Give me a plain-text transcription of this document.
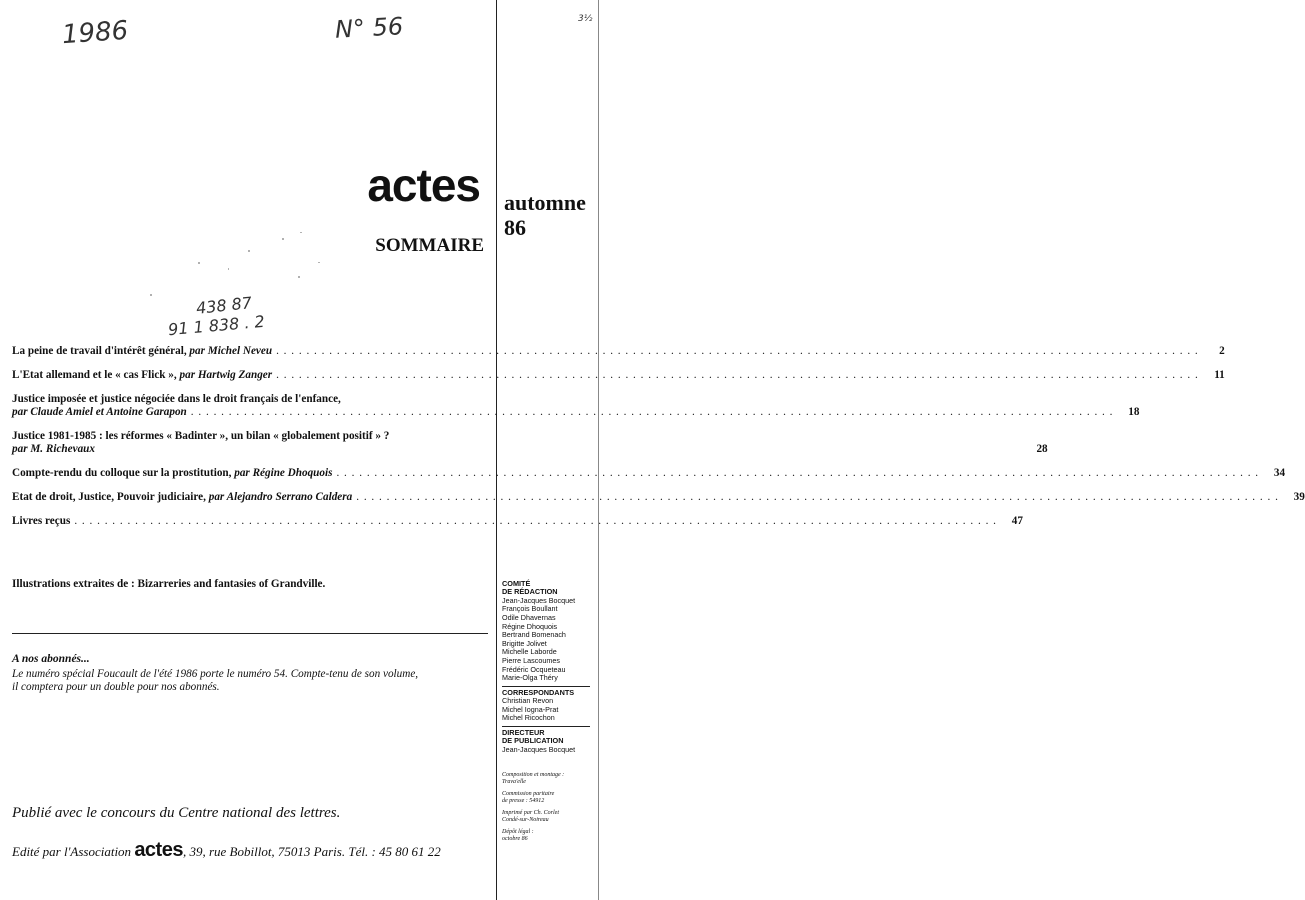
1986	N° 56	3½
438 87
91 1 838 . 2
actes automne
86
SOMMAIRE
La peine de travail d'intérêt général, par Michel Neveu . . .	2
L'Etat allemand et le « cas Flick », par Hartwig Zanger . . .	11
Justice imposée et justice négociée dans le droit français de l'enfance,
par Claude Amiel et Antoine Garapon . . .	18
Justice 1981-1985 : les réformes « Badinter », un bilan « globalement positif » ?
par M. Richevaux	28
Compte-rendu du colloque sur la prostitution, par Régine Dhoquois . . .	34
Etat de droit, Justice, Pouvoir judiciaire, par Alejandro Serrano Caldera . . .	39
Livres reçus . . .	47
Illustrations extraites de : Bizarreries and fantasies of Grandville.
A nos abonnés...
Le numéro spécial Foucault de l'été 1986 porte le numéro 54. Compte-tenu de son volume,
il comptera pour un double pour nos abonnés.
Publié avec le concours du Centre national des lettres.
Edité par l'Association actes, 39, rue Bobillot, 75013 Paris. Tél. : 45 80 61 22
COMITÉ
DE RÉDACTION
Jean-Jacques Bocquet
François Boullant
Odile Dhavernas
Régine Dhoquois
Bertrand Bomenach
Brigitte Jolivet
Michelle Laborde
Pierre Lascoumes
Frédéric Ocqueteau
Marie-Olga Théry
CORRESPONDANTS
Christian Revon
Michel Iogna-Prat
Michel Ricochon
DIRECTEUR
DE PUBLICATION
Jean-Jacques Bocquet
Composition et montage :
Trava'elle
Commission paritaire
de presse : 54912
Imprimé par Ch. Corlet
Condé-sur-Noireau
Dépôt légal :
octobre 86
